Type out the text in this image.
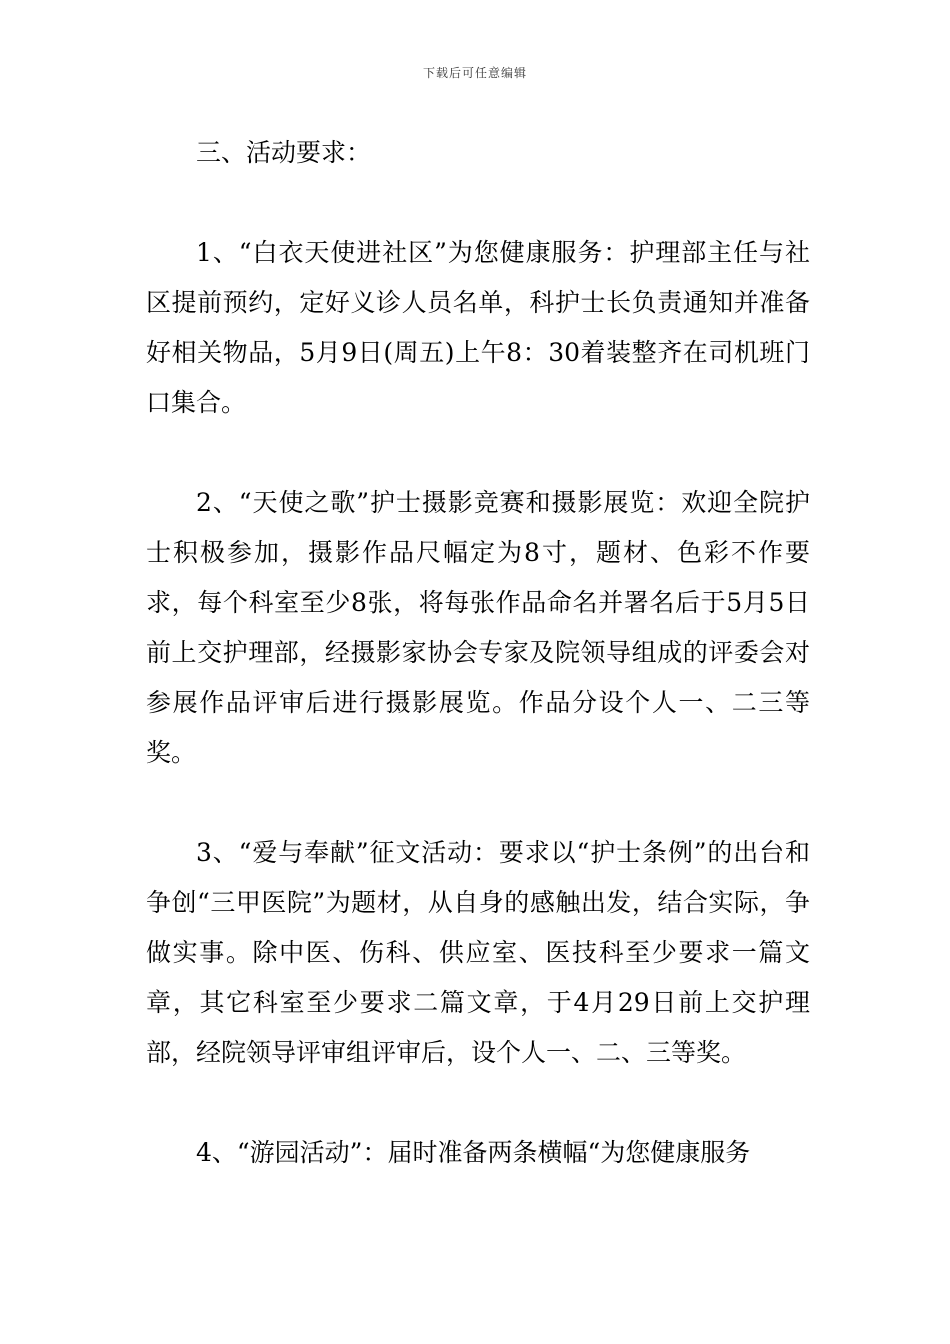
下载后可任意编辑

三、活动要求：

1、“白衣天使进社区”为您健康服务：护理部主任与社区提前预约，定好义诊人员名单，科护士长负责通知并准备好相关物品，5月9日(周五)上午8：30着装整齐在司机班门口集合。

2、“天使之歌”护士摄影竞赛和摄影展览：欢迎全院护士积极参加，摄影作品尺幅定为8寸，题材、色彩不作要求，每个科室至少8张，将每张作品命名并署名后于5月5日前上交护理部，经摄影家协会专家及院领导组成的评委会对参展作品评审后进行摄影展览。作品分设个人一、二三等奖。

3、“爱与奉献”征文活动：要求以“护士条例”的出台和争创“三甲医院”为题材，从自身的感触出发，结合实际，争做实事。除中医、伤科、供应室、医技科至少要求一篇文章，其它科室至少要求二篇文章，于4月29日前上交护理部，经院领导评审组评审后，设个人一、二、三等奖。

4、“游园活动”：届时准备两条横幅“为您健康服务
